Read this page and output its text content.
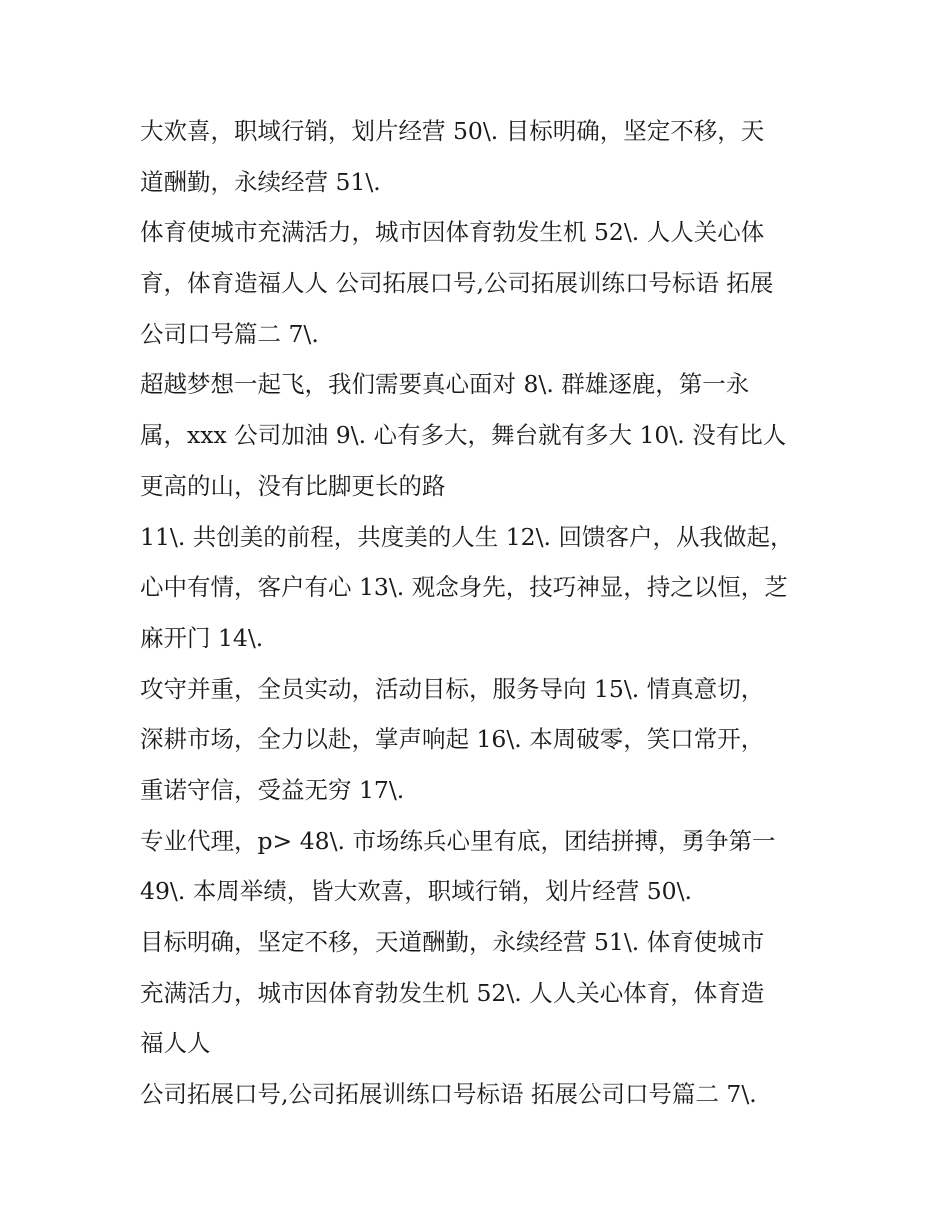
大欢喜，职域行销，划片经营 50\. 目标明确，坚定不移，天
道酬勤，永续经营 51\.

体育使城市充满活力，城市因体育勃发生机 52\. 人人关心体
育，体育造福人人 公司拓展口号,公司拓展训练口号标语 拓展
公司口号篇二 7\.

超越梦想一起飞，我们需要真心面对 8\. 群雄逐鹿，第一永
属，xxx 公司加油 9\. 心有多大，舞台就有多大 10\. 没有比人
更高的山，没有比脚更长的路

11\. 共创美的前程，共度美的人生 12\. 回馈客户，从我做起，
心中有情，客户有心 13\. 观念身先，技巧神显，持之以恒，芝
麻开门 14\.

攻守并重，全员实动，活动目标，服务导向 15\. 情真意切，
深耕市场，全力以赴，掌声响起 16\. 本周破零，笑口常开，
重诺守信，受益无穷 17\.

专业代理，p> 48\. 市场练兵心里有底，团结拼搏，勇争第一
49\. 本周举绩，皆大欢喜，职域行销，划片经营 50\.

目标明确，坚定不移，天道酬勤，永续经营 51\. 体育使城市
充满活力，城市因体育勃发生机 52\. 人人关心体育，体育造
福人人

公司拓展口号,公司拓展训练口号标语 拓展公司口号篇二 7\.
